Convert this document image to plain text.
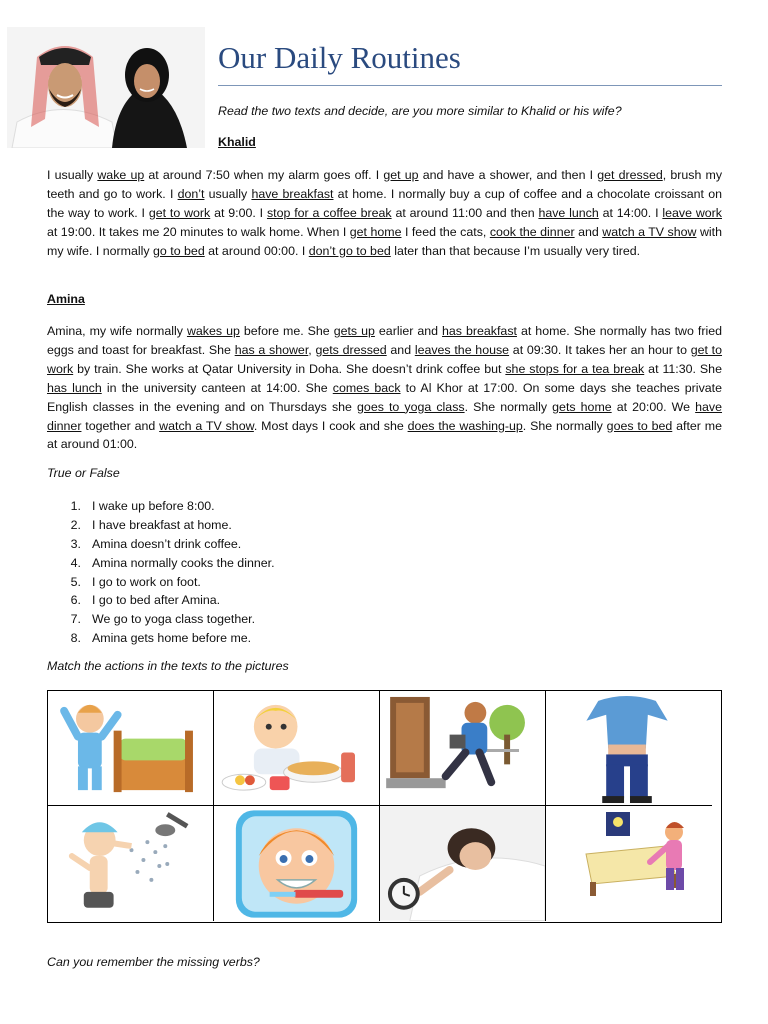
Our Daily Routines
Read the two texts and decide, are you more similar to Khalid or his wife?
Khalid

I usually wake up at around 7:50 when my alarm goes off. I get up and have a shower, and then I get dressed, brush my teeth and go to work. I don’t usually have breakfast at home. I normally buy a cup of coffee and a chocolate croissant on the way to work. I get to work at 9:00. I stop for a coffee break at around 11:00 and then have lunch at 14:00. I leave work at 19:00. It takes me 20 minutes to walk home. When I get home I feed the cats, cook the dinner and watch a TV show with my wife. I normally go to bed at around 00:00. I don’t go to bed later than that because I’m usually very tired.

Amina

Amina, my wife normally wakes up before me. She gets up earlier and has breakfast at home. She normally has two fried eggs and toast for breakfast. She has a shower, gets dressed and leaves the house at 09:30. It takes her an hour to get to work by train. She works at Qatar University in Doha. She doesn’t drink coffee but she stops for a tea break at 11:30. She has lunch in the university canteen at 14:00. She comes back to Al Khor at 17:00. On some days she teaches private English classes in the evening and on Thursdays she goes to yoga class. She normally gets home at 20:00. We have dinner together and watch a TV show. Most days I cook and she does the washing-up. She normally goes to bed after me at around 01:00.

True or False
1. I wake up before 8:00.
2. I have breakfast at home.
3. Amina doesn’t drink coffee.
4. Amina normally cooks the dinner.
5. I go to work on foot.
6. I go to bed after Amina.
7. We go to yoga class together.
8. Amina gets home before me.
Match the actions in the texts to the pictures
Can you remember the missing verbs?
